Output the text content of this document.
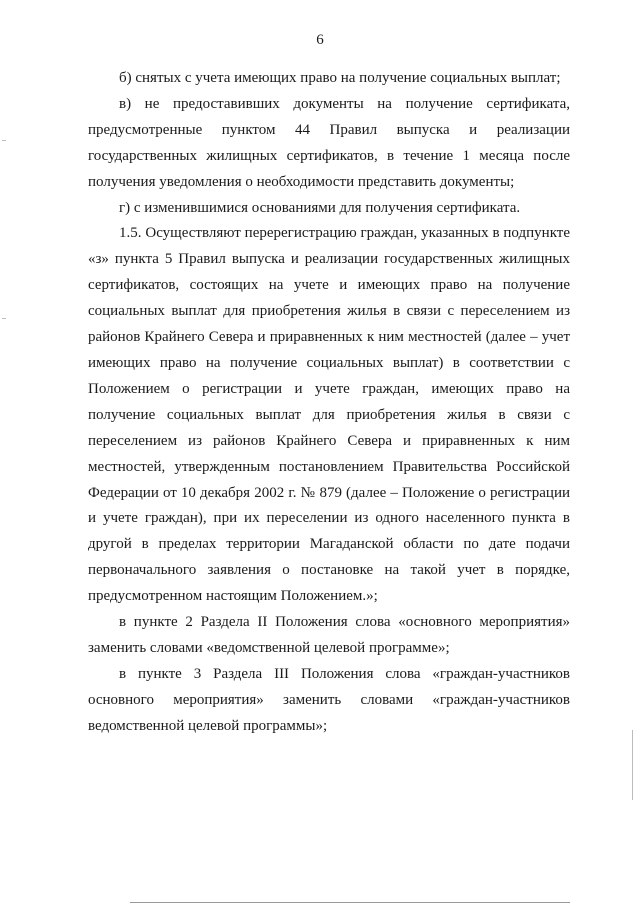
6

б) снятых с учета имеющих право на получение социальных выплат;

в) не предоставивших документы на получение сертификата, предусмотренные пунктом 44 Правил выпуска и реализации государственных жилищных сертификатов, в течение 1 месяца после получения уведомления о необходимости представить документы;

г) с изменившимися основаниями для получения сертификата.

1.5. Осуществляют перерегистрацию граждан, указанных в подпункте «з» пункта 5 Правил выпуска и реализации государственных жилищных сертификатов, состоящих на учете и имеющих право на получение социальных выплат для приобретения жилья в связи с переселением из районов Крайнего Севера и приравненных к ним местностей (далее – учет имеющих право на получение социальных выплат) в соответствии с Положением о регистрации и учете граждан, имеющих право на получение социальных выплат для приобретения жилья в связи с переселением из районов Крайнего Севера и приравненных к ним местностей, утвержденным постановлением Правительства Российской Федерации от 10 декабря 2002 г. № 879 (далее – Положение о регистрации и учете граждан), при их переселении из одного населенного пункта в другой в пределах территории Магаданской области по дате подачи первоначального заявления о постановке на такой учет в порядке, предусмотренном настоящим Положением.»;

в пункте 2 Раздела II Положения слова «основного мероприятия» заменить словами «ведомственной целевой программе»;

в пункте 3 Раздела III Положения слова «граждан-участников основного мероприятия» заменить словами «граждан-участников ведомственной целевой программы»;
